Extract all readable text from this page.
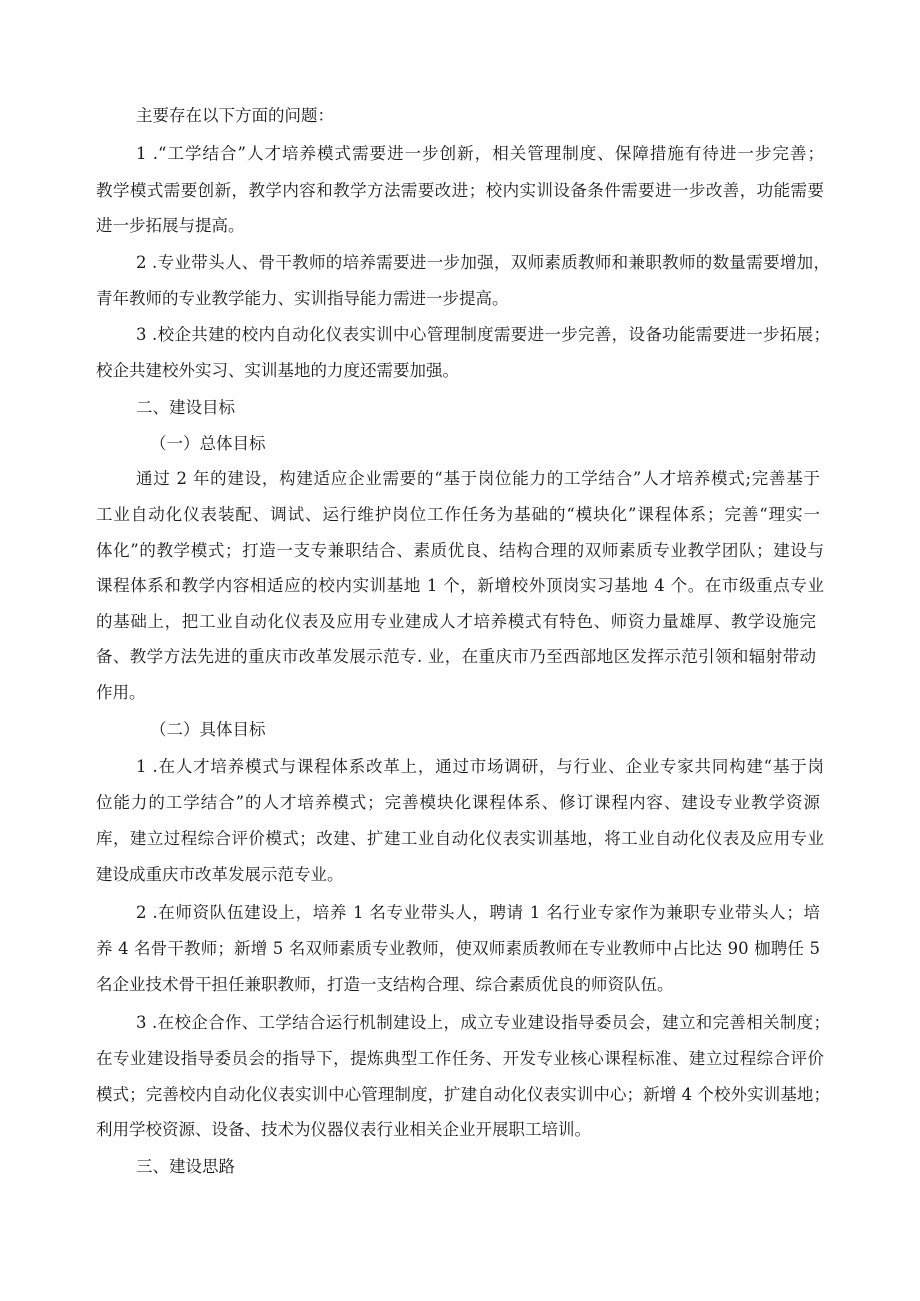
主要存在以下方面的问题：
1 .“工学结合”人才培养模式需要进一步创新，相关管理制度、保障措施有待进一步完善；
教学模式需要创新，教学内容和教学方法需要改进；校内实训设备条件需要进一步改善，功能需要
进一步拓展与提高。
2 .专业带头人、骨干教师的培养需要进一步加强，双师素质教师和兼职教师的数量需要增加，
青年教师的专业教学能力、实训指导能力需进一步提高。
3 .校企共建的校内自动化仪表实训中心管理制度需要进一步完善，设备功能需要进一步拓展；
校企共建校外实习、实训基地的力度还需要加强。
二、建设目标
（一）总体目标
通过 2 年的建设，构建适应企业需要的“基于岗位能力的工学结合”人才培养模式;完善基于
工业自动化仪表装配、调试、运行维护岗位工作任务为基础的“模块化”课程体系；完善“理实一
体化”的教学模式；打造一支专兼职结合、素质优良、结构合理的双师素质专业教学团队；建设与
课程体系和教学内容相适应的校内实训基地 1 个，新增校外顶岗实习基地 4 个。在市级重点专业
的基础上，把工业自动化仪表及应用专业建成人才培养模式有特色、师资力量雄厚、教学设施完
备、教学方法先进的重庆市改革发展示范专. 业，在重庆市乃至西部地区发挥示范引领和辐射带动
作用。
（二）具体目标
1 .在人才培养模式与课程体系改革上，通过市场调研，与行业、企业专家共同构建“基于岗
位能力的工学结合”的人才培养模式；完善模块化课程体系、修订课程内容、建设专业教学资源
库，建立过程综合评价模式；改建、扩建工业自动化仪表实训基地，将工业自动化仪表及应用专业
建设成重庆市改革发展示范专业。
2 .在师资队伍建设上，培养 1 名专业带头人，聘请 1 名行业专家作为兼职专业带头人；培
养 4 名骨干教师；新增 5 名双师素质专业教师，使双师素质教师在专业教师中占比达 90 枷聘任 5
名企业技术骨干担任兼职教师，打造一支结构合理、综合素质优良的师资队伍。
3 .在校企合作、工学结合运行机制建设上，成立专业建设指导委员会，建立和完善相关制度；
在专业建设指导委员会的指导下，提炼典型工作任务、开发专业核心课程标准、建立过程综合评价
模式；完善校内自动化仪表实训中心管理制度，扩建自动化仪表实训中心；新增 4 个校外实训基地；
利用学校资源、设备、技术为仪器仪表行业相关企业开展职工培训。
三、建设思路
